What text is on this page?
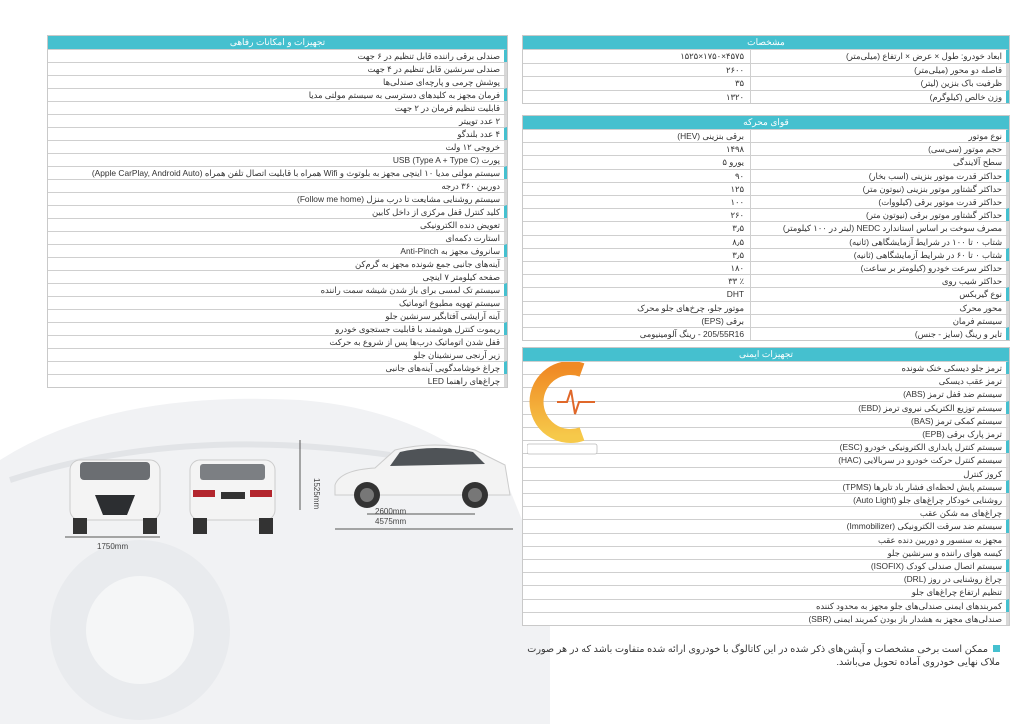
مشخصات
ابعاد خودرو: طول × عرض × ارتفاع (میلی‌متر)
۴۵۷۵×۱۷۵۰×۱۵۲۵
فاصله دو محور (میلی‌متر)
۲۶۰۰
ظرفیت باک بنزین (لیتر)
۳۵
وزن خالص (کیلوگرم)
۱۳۲۰
قوای محرکه
نوع موتور
برقی بنزینی (HEV)
حجم موتور (سی‌سی)
۱۴۹۸
سطح آلایندگی
یورو ۵
حداکثر قدرت موتور بنزینی (اسب بخار)
۹۰
حداکثر گشتاور موتور بنزینی (نیوتون متر)
۱۲۵
حداکثر قدرت موتور برقی (کیلووات)
۱۰۰
حداکثر گشتاور موتور برقی (نیوتون متر)
۲۶۰
مصرف سوخت بر اساس استاندارد NEDC (لیتر در ۱۰۰ کیلومتر)
۳٫۵
شتاب ۰ تا ۱۰۰ در شرایط آزمایشگاهی (ثانیه)
۸٫۵
شتاب ۰ تا ۶۰ در شرایط آزمایشگاهی (ثانیه)
۳٫۵
حداکثر سرعت خودرو (کیلومتر بر ساعت)
۱۸۰
حداکثر شیب روی
٪ ۳۳
نوع گیربکس
DHT
محور محرک
موتور جلو، چرخ‌های جلو محرک
سیستم فرمان
برقی (EPS)
تایر و رینگ (سایز - جنس)
205/55R16 - رینگ آلومینیومی
تجهیزات ایمنی
ترمز جلو دیسکی خنک شونده
ترمز عقب دیسکی
سیستم ضد قفل ترمز (ABS)
سیستم توزیع الکتریکی نیروی ترمز (EBD)
سیستم کمکی ترمز (BAS)
ترمز پارک برقی (EPB)
سیستم کنترل پایداری الکترونیکی خودرو (ESC)
سیستم کنترل حرکت خودرو در سربالایی (HAC)
کروز کنترل
سیستم پایش لحظه‌ای فشار باد تایرها (TPMS)
روشنایی خودکار چراغ‌های جلو (Auto Light)
چراغ‌های مه شکن عقب
سیستم ضد سرقت الکترونیکی (Immobilizer)
مجهز به سنسور و دوربین دنده عقب
کیسه هوای راننده و سرنشین جلو
سیستم اتصال صندلی کودک (ISOFIX)
چراغ روشنایی در روز (DRL)
تنظیم ارتفاع چراغ‌های جلو
کمربندهای ایمنی صندلی‌های جلو مجهز به محدود کننده
صندلی‌های مجهز به هشدار باز بودن کمربند ایمنی (SBR)
تجهیزات و امکانات رفاهی
صندلی برقی راننده قابل تنظیم در ۶ جهت
صندلی سرنشین قابل تنظیم در ۴ جهت
پوشش چرمی و پارچه‌ای صندلی‌ها
فرمان مجهز به کلیدهای دسترسی به سیستم مولتی مدیا
قابلیت تنظیم فرمان در ۲ جهت
۲ عدد توییتر
۴ عدد بلندگو
خروجی ۱۲ ولت
پورت USB (Type A + Type C)
سیستم مولتی مدیا ۱۰ اینچی مجهز به بلوتوث و Wifi همراه با قابلیت اتصال تلفن همراه (Apple CarPlay, Android Auto)
دوربین ۳۶۰ درجه
سیستم روشنایی مشایعت تا درب منزل (Follow me home)
کلید کنترل قفل مرکزی از داخل کابین
تعویض دنده الکترونیکی
استارت دکمه‌ای
سانروف مجهز به Anti-Pinch
آینه‌های جانبی جمع شونده مجهز به گرم‌کن
صفحه کیلومتر ۷ اینچی
سیستم تک لمسی برای باز شدن شیشه سمت راننده
سیستم تهویه مطبوع اتوماتیک
آینه آرایشی آفتابگیر سرنشین جلو
ریموت کنترل هوشمند با قابلیت جستجوی خودرو
قفل شدن اتوماتیک درب‌ها پس از شروع به حرکت
زیر آرنجی سرنشینان جلو
چراغ خوشامدگویی آینه‌های جانبی
چراغ‌های راهنما LED
1750mm
1525mm
2600mm
4575mm
ممکن است برخی مشخصات و آپشن‌های ذکر شده در این کاتالوگ با خودروی ارائه شده متفاوت باشد که در هر صورت ملاک نهایی خودروی آماده تحویل می‌باشد.
